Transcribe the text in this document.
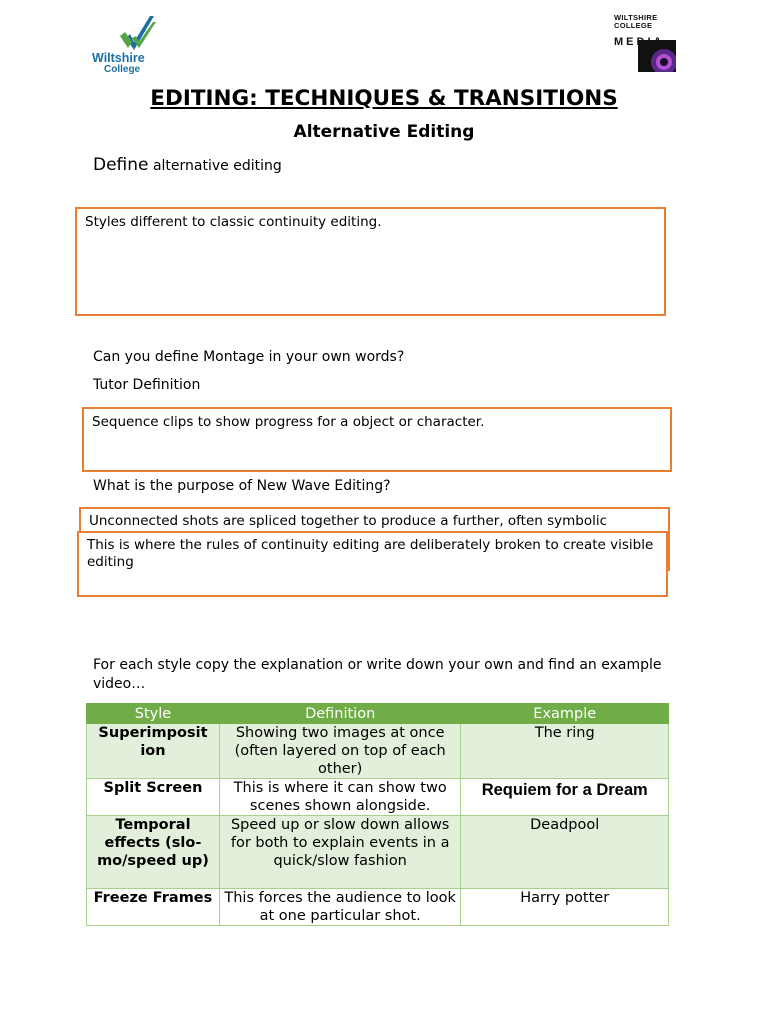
Wiltshire
College
WILTSHIRE
COLLEGE
MEDIA
EDITING: TECHNIQUES & TRANSITIONS
Alternative Editing
Define alternative editing
Styles different to classic continuity editing.
Can you define Montage in your own words?
Tutor Definition
Sequence clips to show progress for a object or character.
What is the purpose of New Wave Editing?
Unconnected shots are spliced together to produce a further, often symbolic
This is where the rules of continuity editing are deliberately broken to create visible editing
For each style copy the explanation or write down your own and find an example video…
Style	Definition	Example
Superimposit ion	Showing two images at once (often layered on top of each other)	The ring
Split Screen	This is where it can show two scenes shown alongside.	Requiem for a Dream
Temporal effects (slo-mo/speed up)	Speed up or slow down allows for both to explain events in a quick/slow fashion	Deadpool
Freeze Frames	This forces the audience to look at one particular shot.	Harry potter
